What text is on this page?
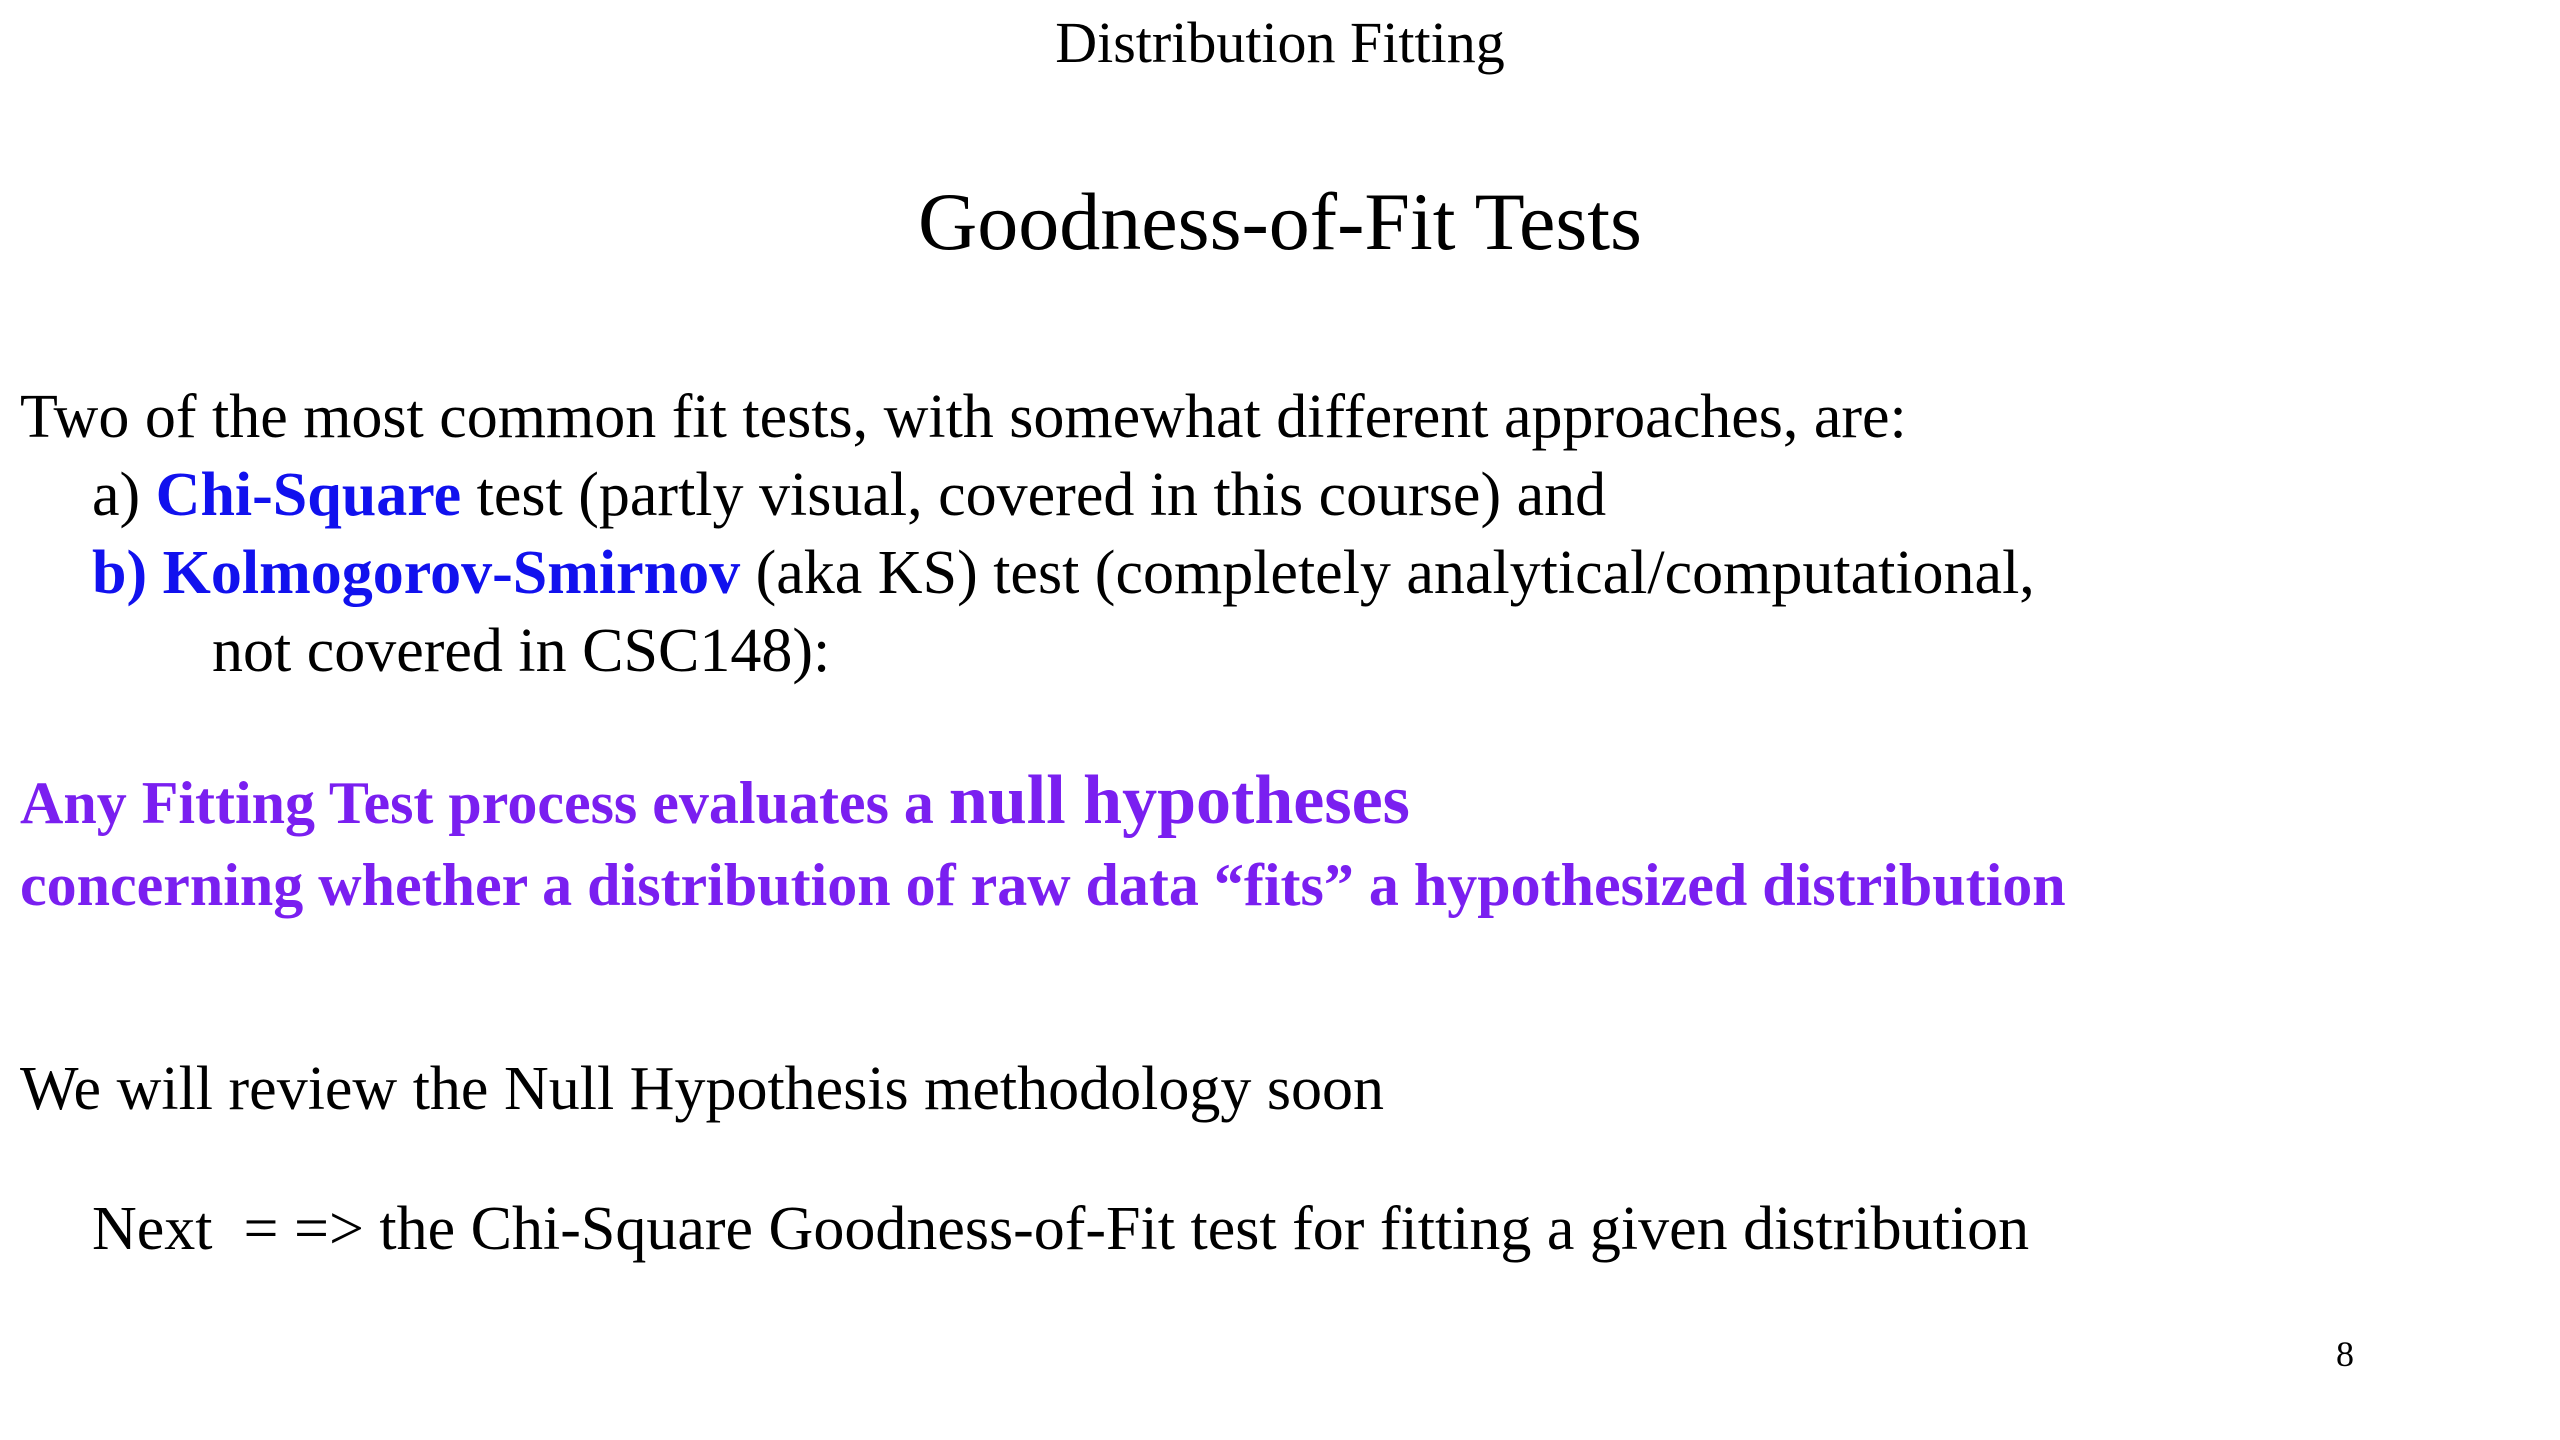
Distribution Fitting
Goodness-of-Fit Tests
Two of the most common fit tests, with somewhat different approaches, are:
a) Chi-Square test (partly visual, covered in this course) and
b) Kolmogorov-Smirnov (aka KS) test (completely analytical/computational,
not covered in CSC148):
Any Fitting Test process evaluates a null hypotheses
concerning whether a distribution of raw data “fits” a hypothesized distribution
We will review the Null Hypothesis methodology soon
Next  = => the Chi-Square Goodness-of-Fit test for fitting a given distribution
8
